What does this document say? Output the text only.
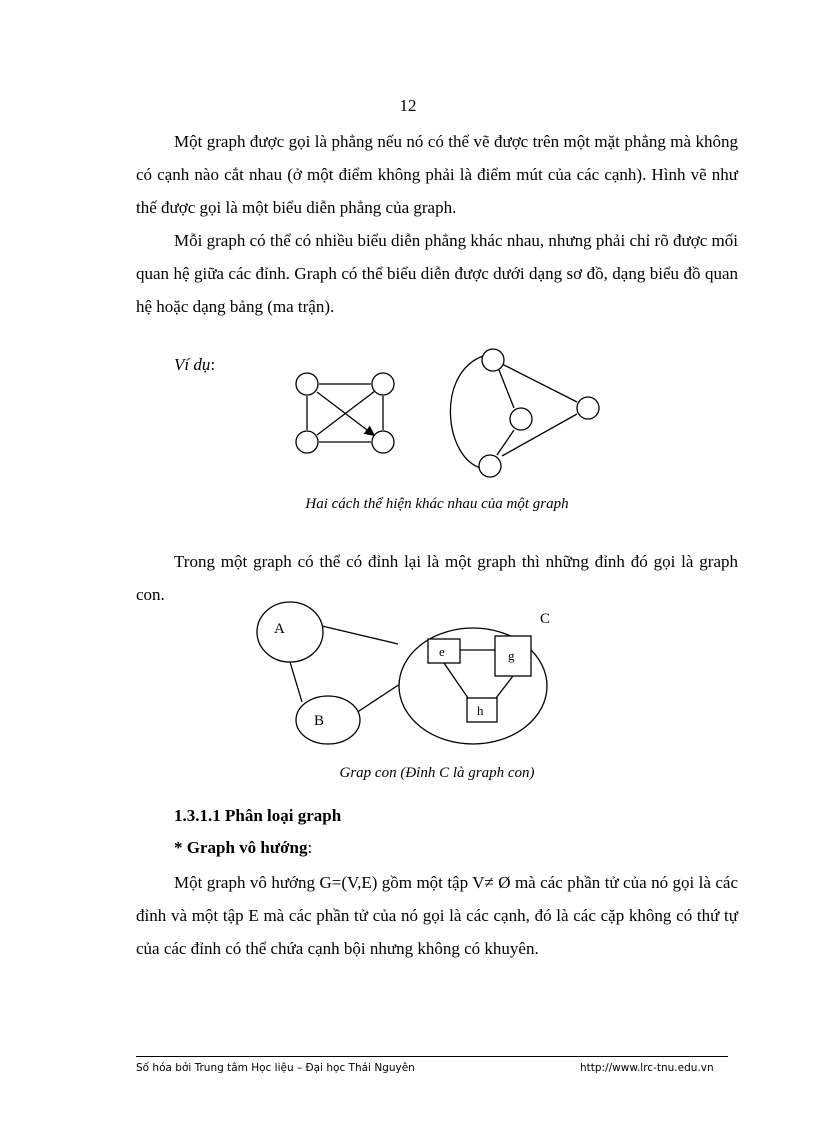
12

Một graph được gọi là phẳng nếu nó có thể vẽ được trên một mặt phẳng mà không có cạnh nào cắt nhau (ở một điểm không phải là điểm mút của các cạnh). Hình vẽ như thế được gọi là một biểu diễn phẳng của graph.

Mỗi graph có thể có nhiều biểu diễn phẳng khác nhau, nhưng phải chỉ rõ được mối quan hệ giữa các đỉnh. Graph có thể biểu diễn được dưới dạng sơ đồ, dạng biểu đồ quan hệ hoặc dạng bảng (ma trận).

Ví dụ:
Hai cách thể hiện khác nhau của một graph

Trong một graph có thể có đỉnh lại là một graph thì những đỉnh đó gọi là graph con.

A
B
C
e	g
h
Grap con (Đỉnh C là graph con)
1.3.1.1 Phân loại graph
* Graph vô hướng:

Một graph vô hướng G=(V,E) gồm một tập V≠ Ø mà các phần tử của nó gọi là các đỉnh và một tập E mà các phần tử của nó gọi là các cạnh, đó là các cặp không có thứ tự của các đỉnh có thể chứa cạnh bội nhưng không có khuyên.

Số hóa bởi Trung tâm Học liệu – Đại học Thái Nguyên	http://www.lrc-tnu.edu.vn
